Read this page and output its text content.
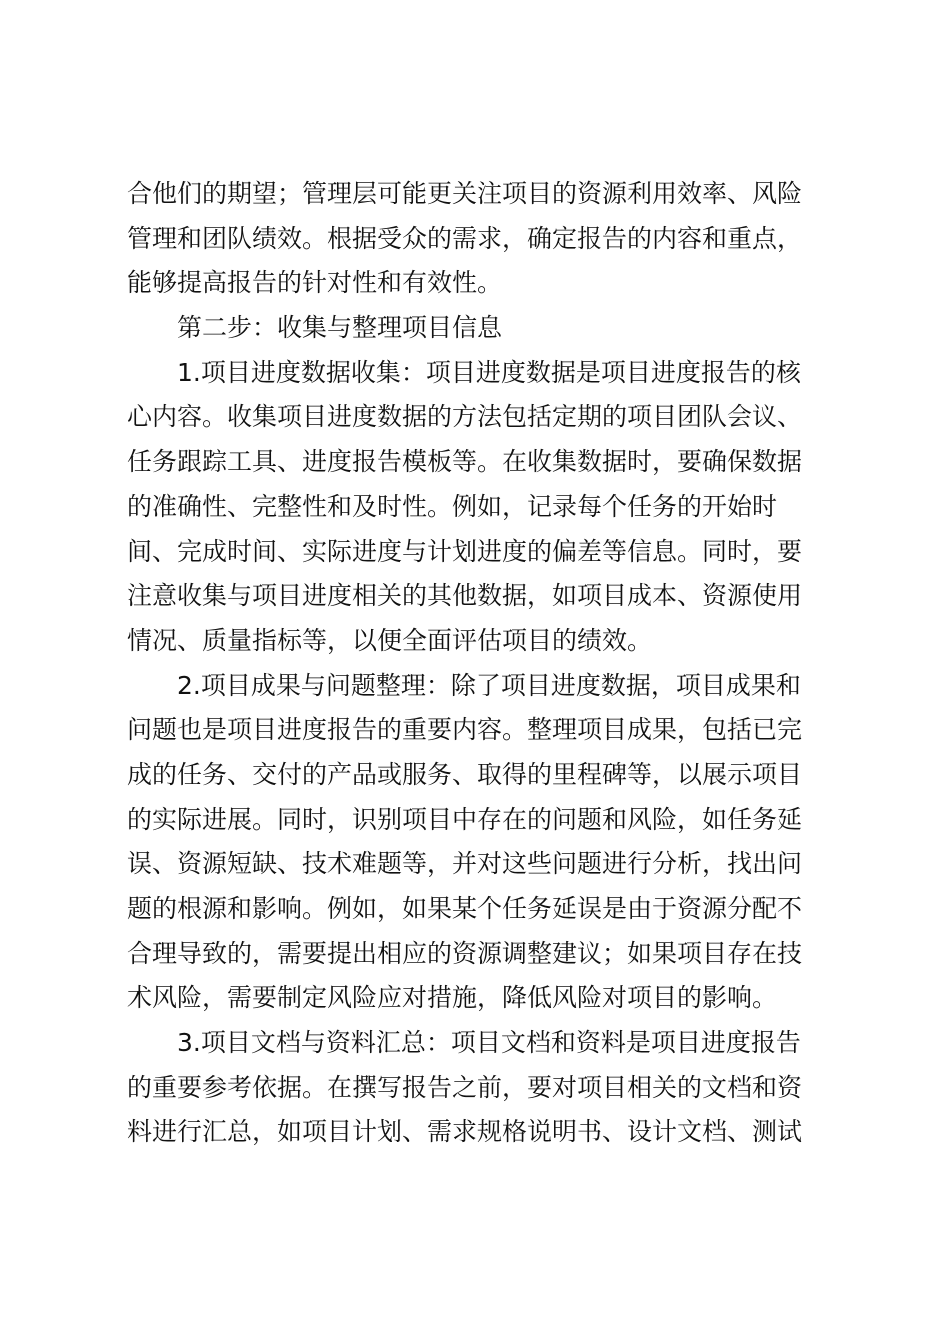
合他们的期望；管理层可能更关注项目的资源利用效率、风险
管理和团队绩效。根据受众的需求，确定报告的内容和重点，
能够提高报告的针对性和有效性。
第二步：收集与整理项目信息
1.项目进度数据收集：项目进度数据是项目进度报告的核
心内容。收集项目进度数据的方法包括定期的项目团队会议、
任务跟踪工具、进度报告模板等。在收集数据时，要确保数据
的准确性、完整性和及时性。例如，记录每个任务的开始时
间、完成时间、实际进度与计划进度的偏差等信息。同时，要
注意收集与项目进度相关的其他数据，如项目成本、资源使用
情况、质量指标等，以便全面评估项目的绩效。
2.项目成果与问题整理：除了项目进度数据，项目成果和
问题也是项目进度报告的重要内容。整理项目成果，包括已完
成的任务、交付的产品或服务、取得的里程碑等，以展示项目
的实际进展。同时，识别项目中存在的问题和风险，如任务延
误、资源短缺、技术难题等，并对这些问题进行分析，找出问
题的根源和影响。例如，如果某个任务延误是由于资源分配不
合理导致的，需要提出相应的资源调整建议；如果项目存在技
术风险，需要制定风险应对措施，降低风险对项目的影响。
3.项目文档与资料汇总：项目文档和资料是项目进度报告
的重要参考依据。在撰写报告之前，要对项目相关的文档和资
料进行汇总，如项目计划、需求规格说明书、设计文档、测试
